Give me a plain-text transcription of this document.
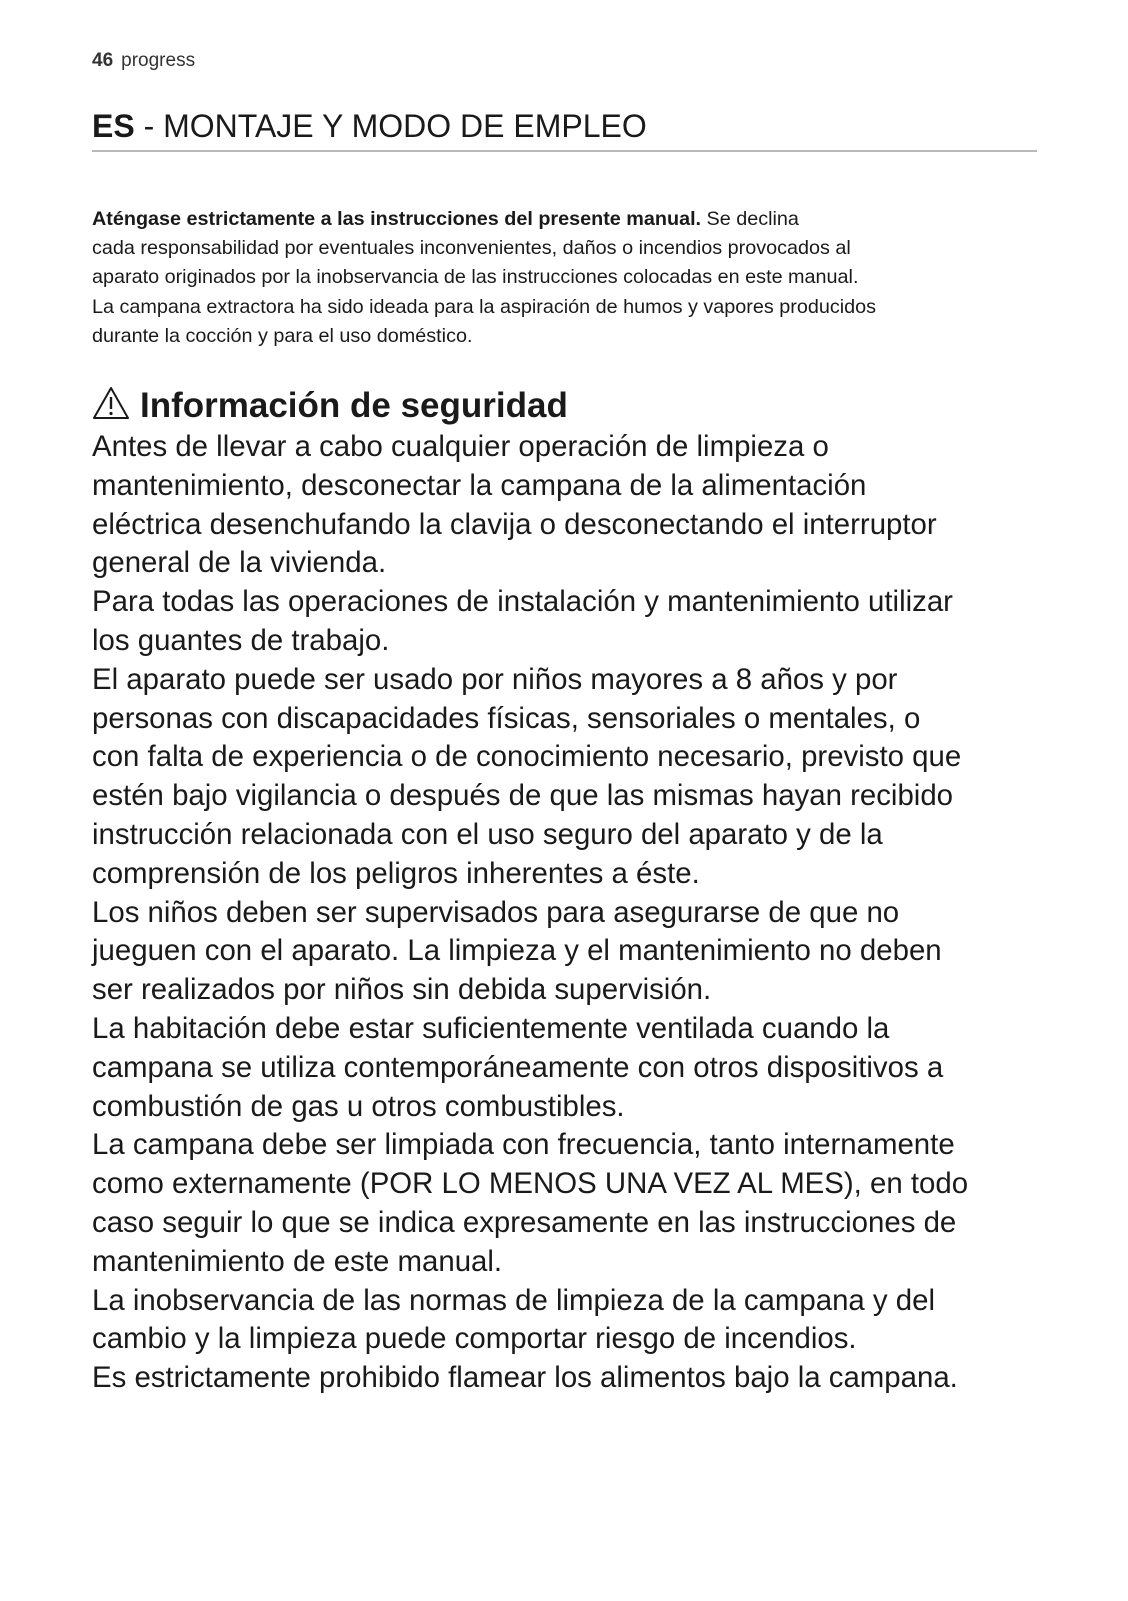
46 progress
ES - MONTAJE Y MODO DE EMPLEO
Aténgase estrictamente a las instrucciones del presente manual. Se declina
cada responsabilidad por eventuales inconvenientes, daños o incendios provocados al
aparato originados por la inobservancia de las instrucciones colocadas en este manual.
La campana extractora ha sido ideada para la aspiración de humos y vapores producidos
durante la cocción y para el uso doméstico.
Información de seguridad
Antes de llevar a cabo cualquier operación de limpieza o
mantenimiento, desconectar la campana de la alimentación
eléctrica desenchufando la clavija o desconectando el interruptor
general de la vivienda.
Para todas las operaciones de instalación y mantenimiento utilizar
los guantes de trabajo.
El aparato puede ser usado por niños mayores a 8 años y por
personas con discapacidades físicas, sensoriales o mentales, o
con falta de experiencia o de conocimiento necesario, previsto que
estén bajo vigilancia o después de que las mismas hayan recibido
instrucción relacionada con el uso seguro del aparato y de la
comprensión de los peligros inherentes a éste.
Los niños deben ser supervisados para asegurarse de que no
jueguen con el aparato. La limpieza y el mantenimiento no deben
ser realizados por niños sin debida supervisión.
La habitación debe estar suficientemente ventilada cuando la
campana se utiliza contemporáneamente con otros dispositivos a
combustión de gas u otros combustibles.
La campana debe ser limpiada con frecuencia, tanto internamente
como externamente (POR LO MENOS UNA VEZ AL MES), en todo
caso seguir lo que se indica expresamente en las instrucciones de
mantenimiento de este manual.
La inobservancia de las normas de limpieza de la campana y del
cambio y la limpieza puede comportar riesgo de incendios.
Es estrictamente prohibido flamear los alimentos bajo la campana.
